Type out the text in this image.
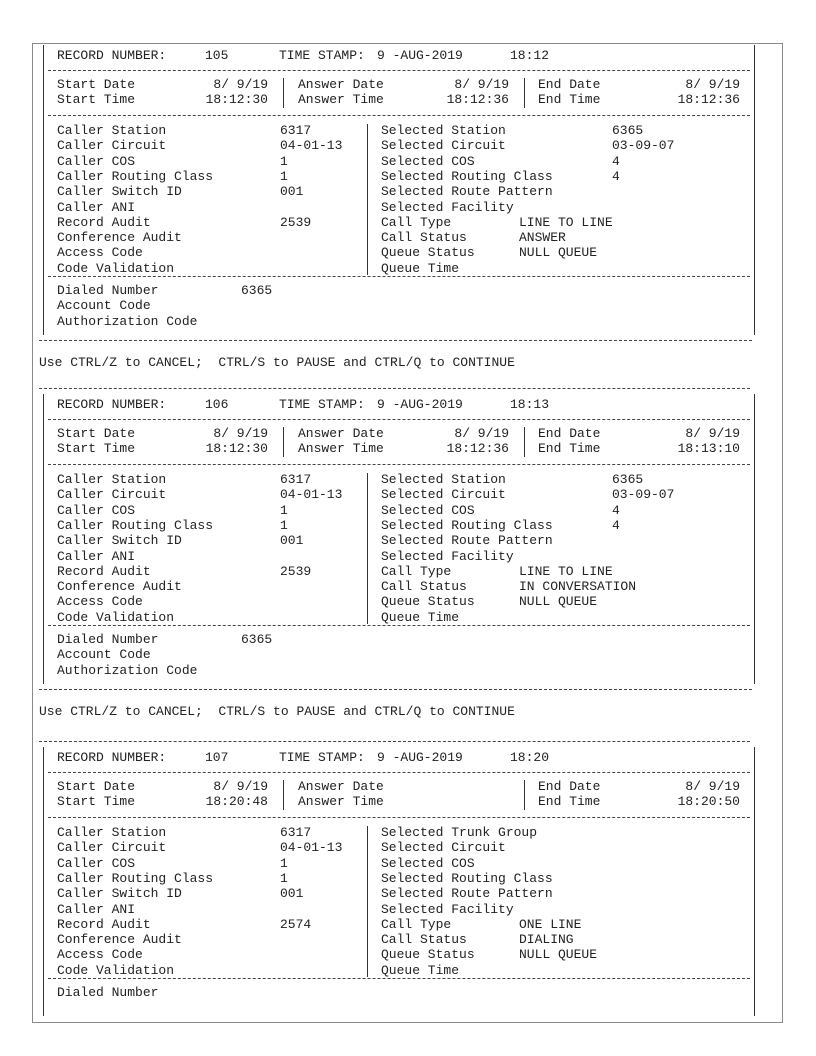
RECORD NUMBER:	105	TIME STAMP: 9 -AUG-2019	18:12
Start Date	8/ 9/19
Start Time	18:12:30
Answer Date	8/ 9/19
Answer Time	18:12:36
End Date	8/ 9/19
End Time	18:12:36
Caller Station	6317
Caller Circuit	04-01-13
Caller COS	1
Caller Routing Class	1
Caller Switch ID	001
Caller ANI
Record Audit	2539
Conference Audit
Access Code
Code Validation
Selected Station	6365
Selected Circuit	03-09-07
Selected COS	4
Selected Routing Class	4
Selected Route Pattern
Selected Facility
Call Type	LINE TO LINE
Call Status	ANSWER
Queue Status	NULL QUEUE
Queue Time
Dialed Number	6365
Account Code
Authorization Code
Use CTRL/Z to CANCEL;  CTRL/S to PAUSE and CTRL/Q to CONTINUE
RECORD NUMBER:	106	TIME STAMP: 9 -AUG-2019	18:13
Start Date	8/ 9/19
Start Time	18:12:30
Answer Date	8/ 9/19
Answer Time	18:12:36
End Date	8/ 9/19
End Time	18:13:10
Caller Station	6317
Caller Circuit	04-01-13
Caller COS	1
Caller Routing Class	1
Caller Switch ID	001
Caller ANI
Record Audit	2539
Conference Audit
Access Code
Code Validation
Selected Station	6365
Selected Circuit	03-09-07
Selected COS	4
Selected Routing Class	4
Selected Route Pattern
Selected Facility
Call Type	LINE TO LINE
Call Status	IN CONVERSATION
Queue Status	NULL QUEUE
Queue Time
Dialed Number	6365
Account Code
Authorization Code
Use CTRL/Z to CANCEL;  CTRL/S to PAUSE and CTRL/Q to CONTINUE
RECORD NUMBER:	107	TIME STAMP: 9 -AUG-2019	18:20
Start Date	8/ 9/19
Start Time	18:20:48
Answer Date
Answer Time
End Date	8/ 9/19
End Time	18:20:50
Caller Station	6317
Caller Circuit	04-01-13
Caller COS	1
Caller Routing Class	1
Caller Switch ID	001
Caller ANI
Record Audit	2574
Conference Audit
Access Code
Code Validation
Selected Trunk Group
Selected Circuit
Selected COS
Selected Routing Class
Selected Route Pattern
Selected Facility
Call Type	ONE LINE
Call Status	DIALING
Queue Status	NULL QUEUE
Queue Time
Dialed Number
